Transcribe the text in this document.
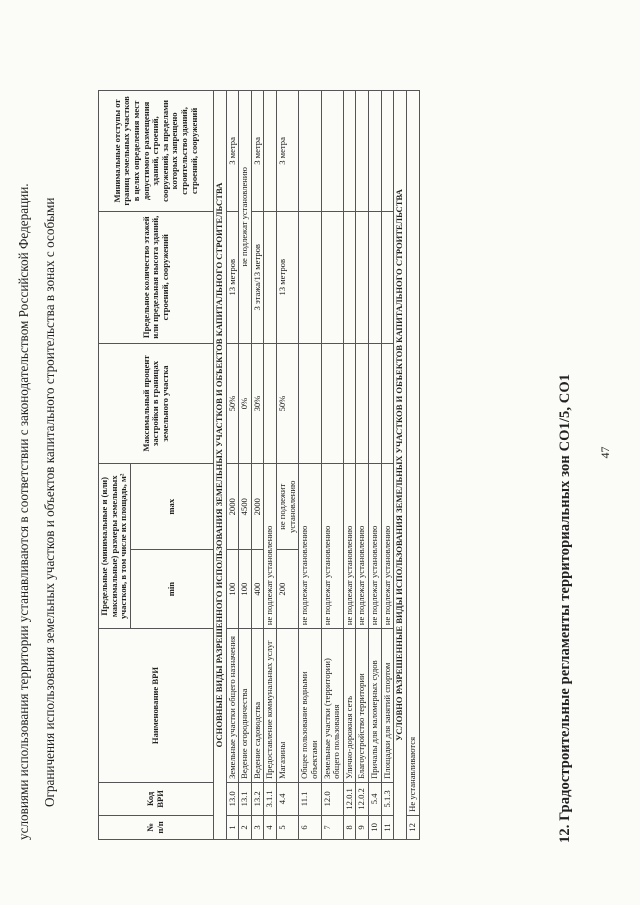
47
12. Градостроительные регламенты территориальных зон СО1/5, СО1
№ п/п	Код ВРИ	Наименование ВРИ	Предельные (минимальные и (или) максимальные) размеры земельных участков, в том числе их площадь, м²		Максимальный процент застройки в границах земельного участка	Предельное количество этажей или предельная высота зданий, строений, сооружений	Минимальные отступы от границ земельных участков в целях определения мест допустимого размещения зданий, строений, сооружений, за пределами которых запрещено строительство зданий, строений, сооружений
			min	max			
ОСНОВНЫЕ ВИДЫ РАЗРЕШЕННОГО ИСПОЛЬЗОВАНИЯ ЗЕМЕЛЬНЫХ УЧАСТКОВ И ОБЪЕКТОВ КАПИТАЛЬНОГО СТРОИТЕЛЬСТВА							
1	13.0	Земельные участки общего назначения	100	2000	50%	13 метров	3 метра
2	13.1	Ведение огородничества	100	4500	0%	не подлежат установлению	
3	13.2	Ведение садоводства	400	2000	30%	3 этажа/13 метров	3 метра
4	3.1.1	Предоставление коммунальных услуг	не подлежат установлению				
5	4.4	Магазины	200	не подлежит установлению	50%	13 метров	3 метра
6	11.1	Общее пользование водными объектами	не подлежат установлению				
7	12.0	Земельные участки (территории) общего пользования	не подлежат установлению				
8	12.0.1	Улично-дорожная сеть	не подлежат установлению				
9	12.0.2	Благоустройство территории	не подлежат установлению				
10	5.4	Причалы для маломерных судов	не подлежат установлению				
11	5.1.3	Площадки для занятий спортом	не подлежат установлению				
УСЛОВНО РАЗРЕШЕННЫЕ ВИДЫ ИСПОЛЬЗОВАНИЯ ЗЕМЕЛЬНЫХ УЧАСТКОВ И ОБЪЕКТОВ КАПИТАЛЬНОГО СТРОИТЕЛЬСТВА							
12	Не устанавливаются						
Ограничения использования земельных участков и объектов капитального строительства в зонах с особыми
условиями использования территории устанавливаются в соответствии с законодательством Российской Федерации.
